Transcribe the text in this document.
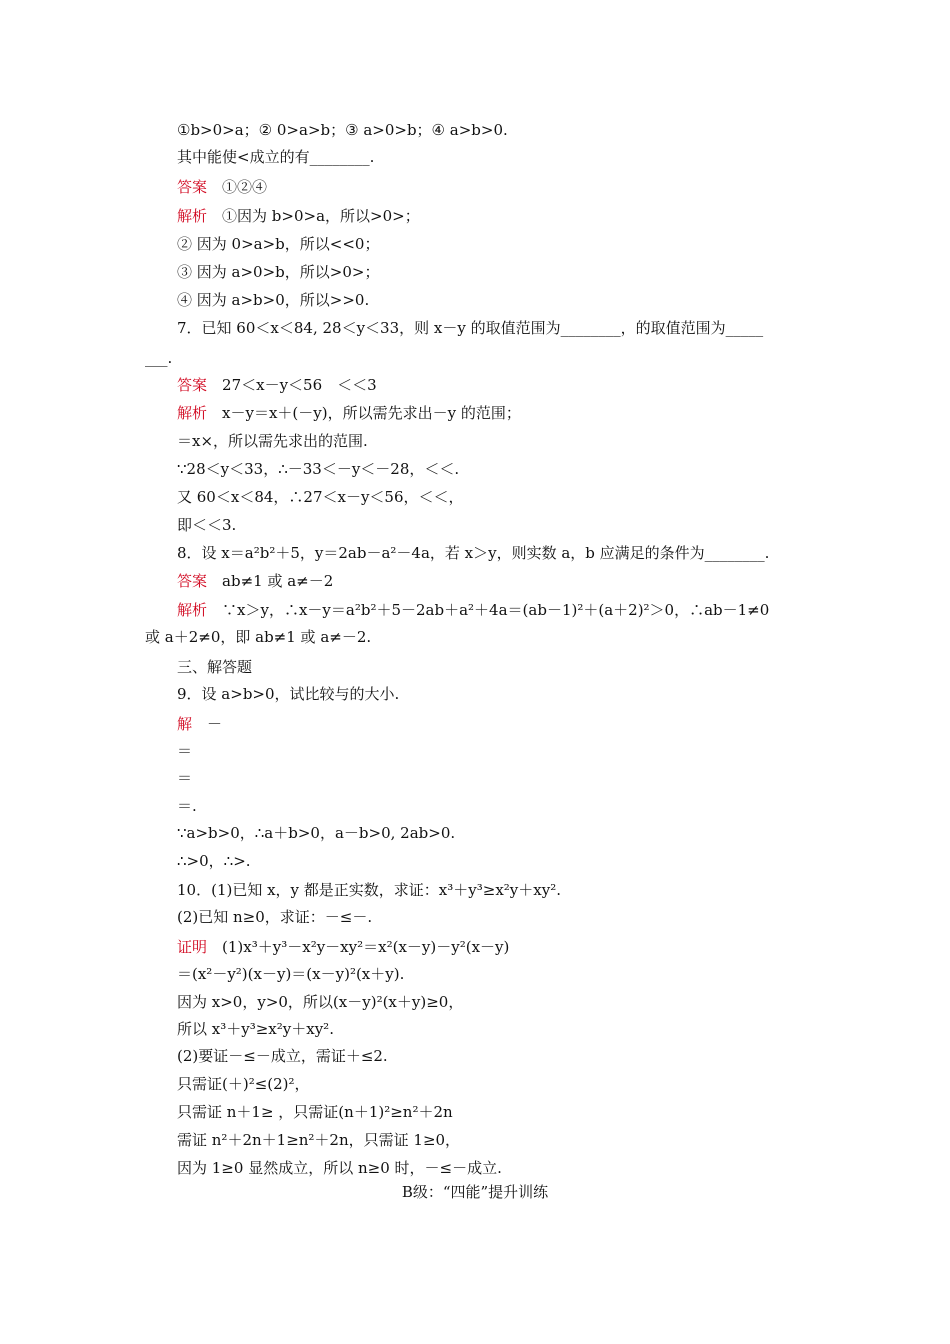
①b>0>a；② 0>a>b；③ a>0>b；④ a>b>0.
其中能使<成立的有________.
答案　 ①②④
解析　 ①因为 b>0>a，所以>0>；
② 因为 0>a>b，所以<<0；
③ 因为 a>0>b，所以>0>；
④ 因为 a>b>0，所以>>0.
7．已知 60＜x＜84, 28＜y＜33，则 x－y 的取值范围为________，的取值范围为_____
___.
答案　 27＜x－y＜56　＜＜3
解析　 x－y＝x＋(－y)，所以需先求出－y 的范围；
＝x×，所以需先求出的范围.
∵28＜y＜33，∴－33＜－y＜－28，＜＜.
又 60＜x＜84，∴27＜x－y＜56，＜＜，
即＜＜3.
8．设 x＝a²b²＋5，y＝2ab－a²－4a，若 x＞y，则实数 a，b 应满足的条件为________.
答案　 ab≠1 或 a≠－2
解析　 ∵x＞y，∴x－y＝a²b²＋5－2ab＋a²＋4a＝(ab－1)²＋(a＋2)²＞0，∴ab－1≠0
或 a＋2≠0，即 ab≠1 或 a≠－2.
三、解答题
9．设 a>b>0，试比较与的大小.
解　 －
＝
＝
＝.
∵a>b>0，∴a＋b>0，a－b>0, 2ab>0.
∴>0，∴>.
10．(1)已知 x，y 都是正实数，求证：x³＋y³≥x²y＋xy².
(2)已知 n≥0，求证：－≤－.
证明　 (1)x³＋y³－x²y－xy²＝x²(x－y)－y²(x－y)
＝(x²－y²)(x－y)＝(x－y)²(x＋y).
因为 x>0，y>0，所以(x－y)²(x＋y)≥0，
所以 x³＋y³≥x²y＋xy².
(2)要证－≤－成立，需证＋≤2.
只需证(＋)²≤(2)²，
只需证 n＋1≥ ，只需证(n＋1)²≥n²＋2n
需证 n²＋2n＋1≥n²＋2n，只需证 1≥0，
因为 1≥0 显然成立，所以 n≥0 时，－≤－成立.
B级：“四能”提升训练
